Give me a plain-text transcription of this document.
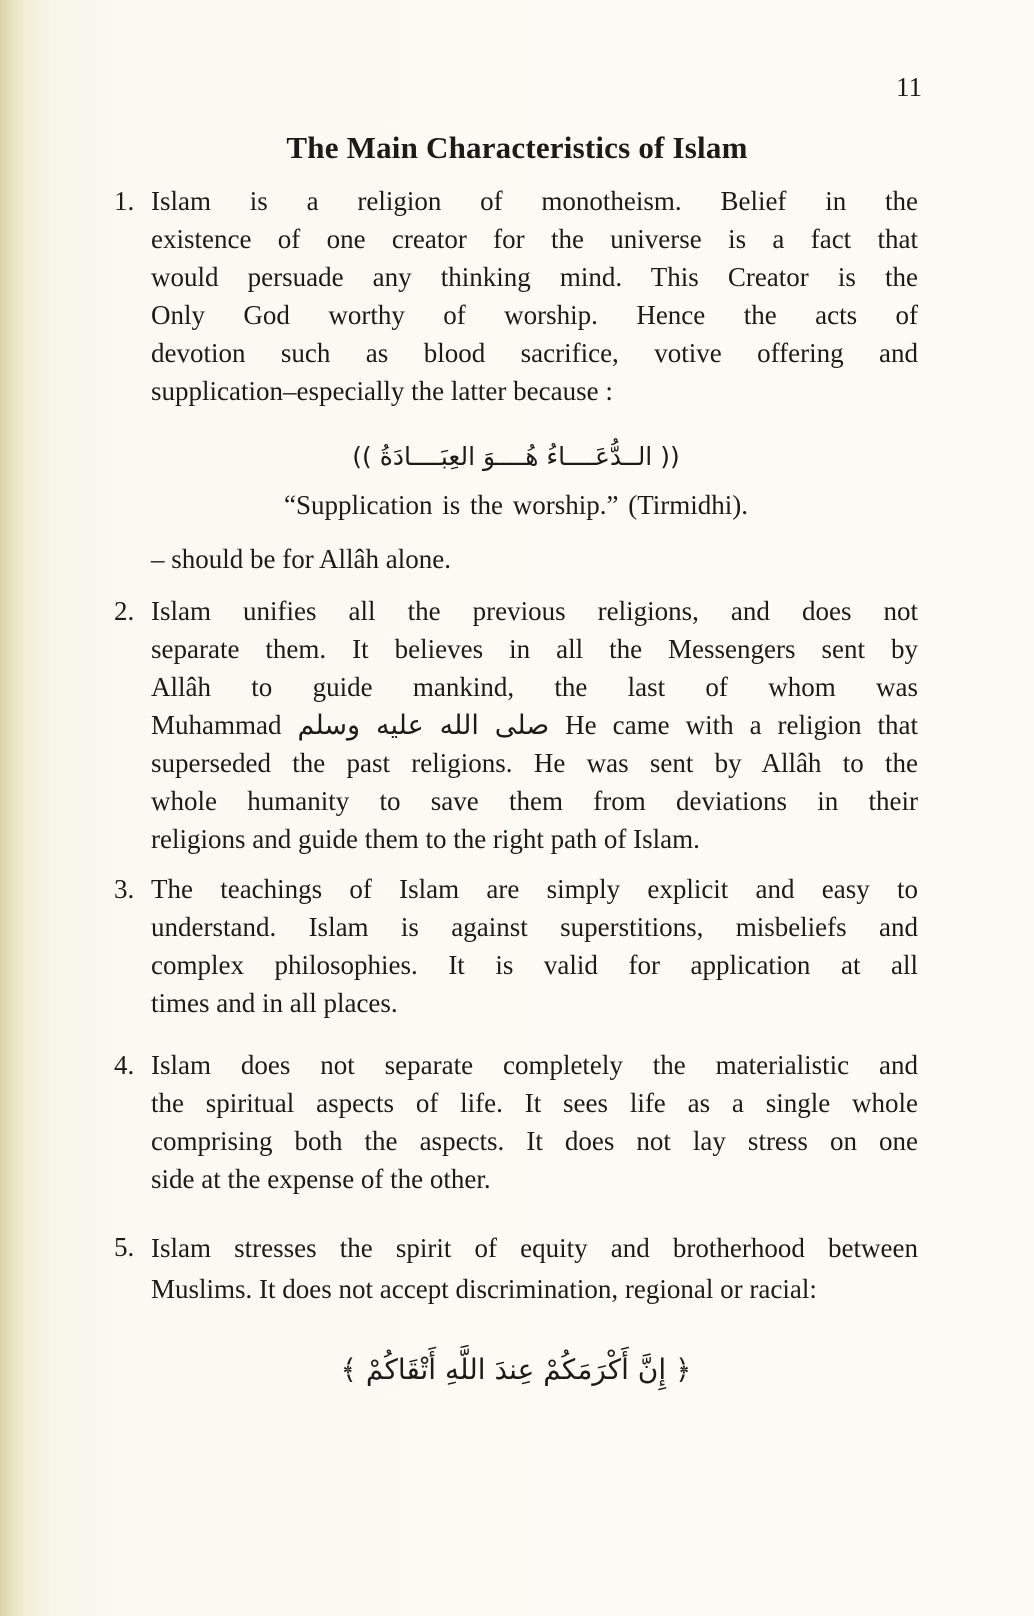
11
The Main Characteristics of Islam
1. Islam is a religion of monotheism. Belief in the
existence of one creator for the universe is a fact that
would persuade any thinking mind. This Creator is the
Only God worthy of worship. Hence the acts of
devotion such as blood sacrifice, votive offering and
supplication–especially the latter because :
(( الــدُّعَــــاءُ هُــــوَ العِبَــــادَةُ ))
“Supplication is the worship.” (Tirmidhi).
– should be for Allâh alone.
2. Islam unifies all the previous religions, and does not
separate them. It believes in all the Messengers sent by
Allâh to guide mankind, the last of whom was
Muhammad صلى الله عليه وسلم He came with a religion that
superseded the past religions. He was sent by Allâh to the
whole humanity to save them from deviations in their
religions and guide them to the right path of Islam.
3. The teachings of Islam are simply explicit and easy to
understand. Islam is against superstitions, misbeliefs and
complex philosophies. It is valid for application at all
times and in all places.
4. Islam does not separate completely the materialistic and
the spiritual aspects of life. It sees life as a single whole
comprising both the aspects. It does not lay stress on one
side at the expense of the other.
5. Islam stresses the spirit of equity and brotherhood between
Muslims. It does not accept discrimination, regional or racial:
﴿ إِنَّ أَكْرَمَكُمْ عِندَ اللَّهِ أَتْقَاكُمْ ﴾
